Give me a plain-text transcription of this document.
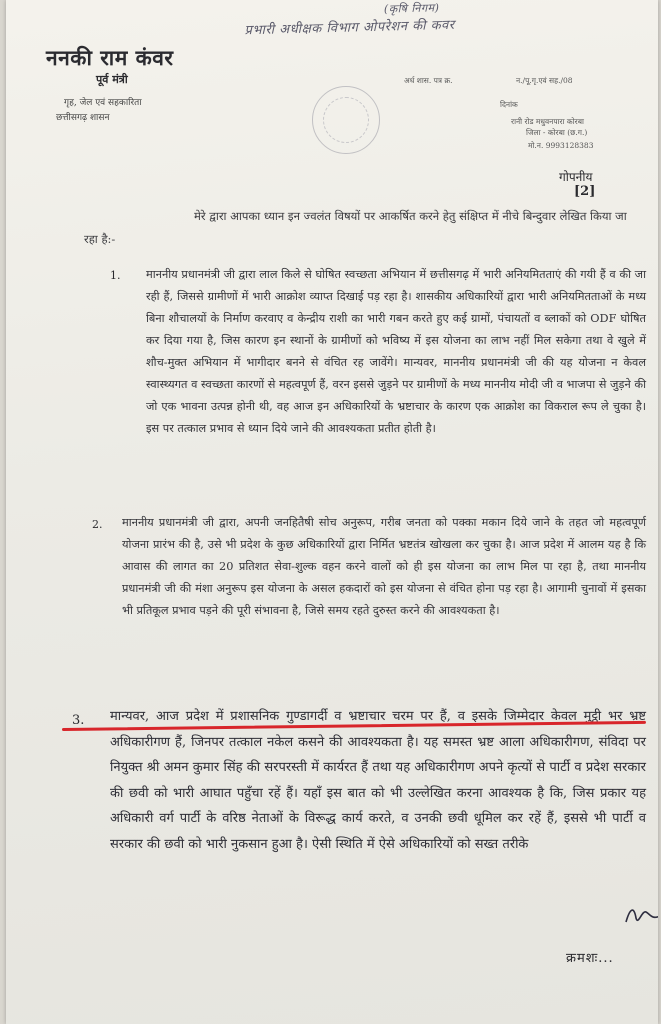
(कृषि निगम)
प्रभारी अधीक्षक विभाग ओपरेशन की कवर
ननकी राम कंवर
पूर्व मंत्री
गृह, जेल एवं सहकारिता
छत्तीसगढ़ शासन
अर्ध शास. पत्र क्र.	न./पू.गृ.एवं सह./08
दिनांक
रानी रोड मधुवनपारा कोरबा
जिला - कोरबा (छ.ग.)
मो.न. 9993128383
गोपनीय
[2]
मेरे द्वारा आपका ध्यान इन ज्वलंत विषयों पर आकर्षित करने हेतु संक्षिप्त में नीचे बिन्दुवार लेखित किया जा रहा है:-
1. माननीय प्रधानमंत्री जी द्वारा लाल किले से घोषित स्वच्छता अभियान में छत्तीसगढ़ में भारी अनियमितताएं की गयी हैं व की जा रही हैं, जिससे ग्रामीणों में भारी आक्रोश व्याप्त दिखाई पड़ रहा है। शासकीय अधिकारियों द्वारा भारी अनियमितताओं के मध्य बिना शौचालयों के निर्माण करवाए व केन्द्रीय राशी का भारी गबन करते हुए कई ग्रामों, पंचायतों व ब्लाकों को ODF घोषित कर दिया गया है, जिस कारण इन स्थानों के ग्रामीणों को भविष्य में इस योजना का लाभ नहीं मिल सकेगा तथा वे खुले में शौच-मुक्त अभियान में भागीदार बनने से वंचित रह जावेंगे। मान्यवर, माननीय प्रधानमंत्री जी की यह योजना न केवल स्वास्थ्यगत व स्वच्छता कारणों से महत्वपूर्ण हैं, वरन इससे जुड़ने पर ग्रामीणों के मध्य माननीय मोदी जी व भाजपा से जुड़ने की जो एक भावना उत्पन्न होनी थी, वह आज इन अधिकारियों के भ्रष्टाचार के कारण एक आक्रोश का विकराल रूप ले चुका है। इस पर तत्काल प्रभाव से ध्यान दिये जाने की आवश्यकता प्रतीत होती है।
2. माननीय प्रधानमंत्री जी द्वारा, अपनी जनहितैषी सोच अनुरूप, गरीब जनता को पक्का मकान दिये जाने के तहत जो महत्वपूर्ण योजना प्रारंभ की है, उसे भी प्रदेश के कुछ अधिकारियों द्वारा निर्मित भ्रष्टतंत्र खोखला कर चुका है। आज प्रदेश में आलम यह है कि आवास की लागत का 20 प्रतिशत सेवा-शुल्क वहन करने वालों को ही इस योजना का लाभ मिल पा रहा है, तथा माननीय प्रधानमंत्री जी की मंशा अनुरूप इस योजना के असल हकदारों को इस योजना से वंचित होना पड़ रहा है। आगामी चुनावों में इसका भी प्रतिकूल प्रभाव पड़ने की पूरी संभावना है, जिसे समय रहते दुरुस्त करने की आवश्यकता है।
3. मान्यवर, आज प्रदेश में प्रशासनिक गुण्डागर्दी व भ्रष्टाचार चरम पर हैं, व इसके जिम्मेदार केवल मुट्ठी भर भ्रष्ट अधिकारीगण हैं, जिनपर तत्काल नकेल कसने की आवश्यकता है। यह समस्त भ्रष्ट आला अधिकारीगण, संविदा पर नियुक्त श्री अमन कुमार सिंह की सरपरस्ती में कार्यरत हैं तथा यह अधिकारीगण अपने कृत्यों से पार्टी व प्रदेश सरकार की छवी को भारी आघात पहुँचा रहें हैं। यहाँ इस बात को भी उल्लेखित करना आवश्यक है कि, जिस प्रकार यह अधिकारी वर्ग पार्टी के वरिष्ठ नेताओं के विरूद्ध कार्य करते, व उनकी छवी धूमिल कर रहें हैं, इससे भी पार्टी व सरकार की छवी को भारी नुकसान हुआ है। ऐसी स्थिति में ऐसे अधिकारियों को सख्त तरीके
क्रमशः...
